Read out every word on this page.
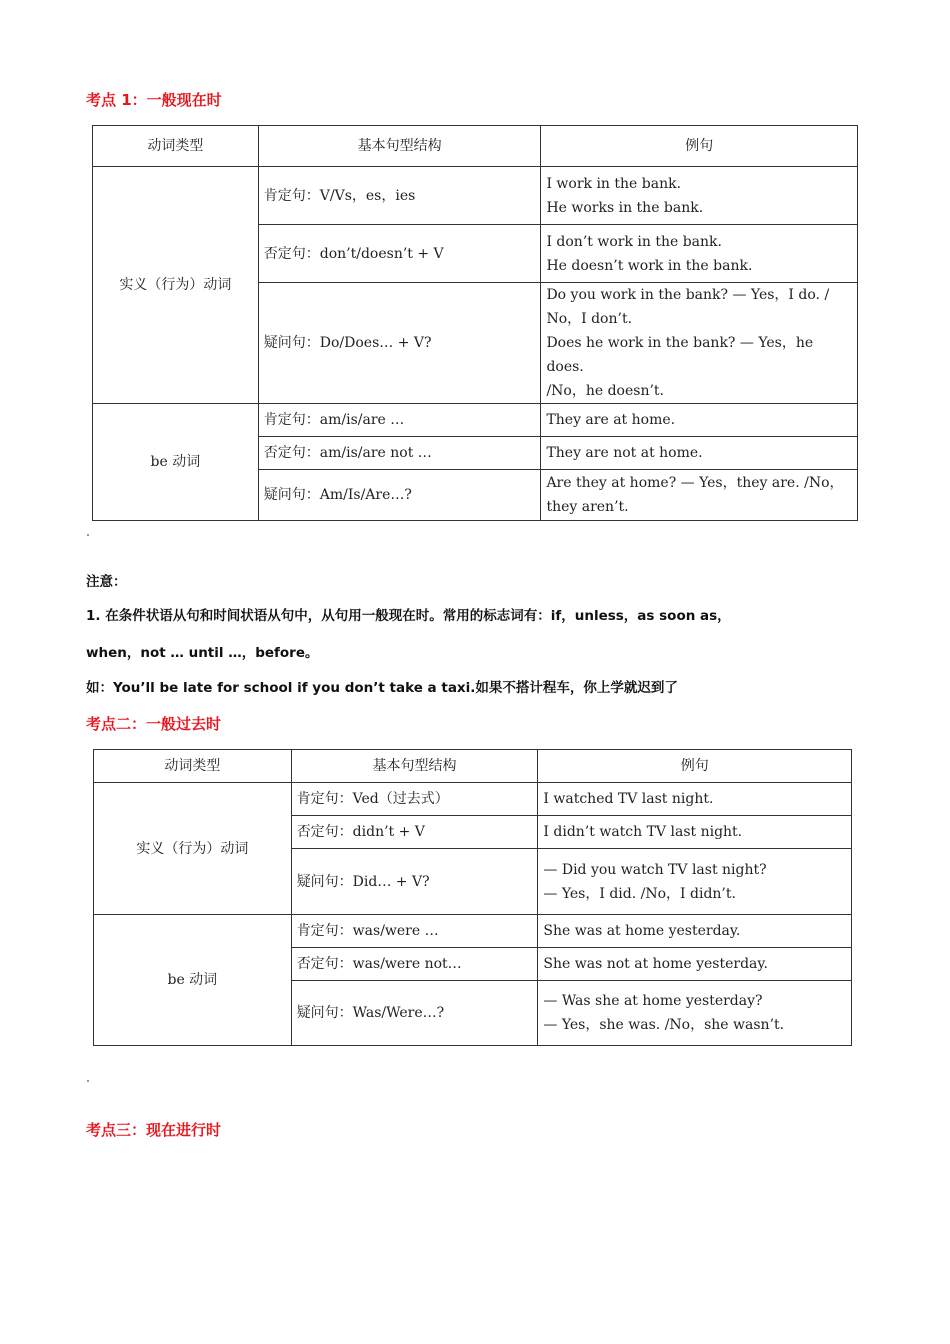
考点 1：一般现在时
动词类型	基本句型结构	例句
实义（行为）动词	肯定句：V/Vs，es，ies	I work in the bank.
He works in the bank.

	否定句：don’t/doesn’t + V	I don’t work in the bank.
He doesn’t work in the bank.

	疑问句：Do/Does… + V?	Do you work in the bank? — Yes，I do. /
No，I don’t.
Does he work in the bank? — Yes，he does.
/No，he doesn’t.

be 动词	肯定句：am/is/are …	They are at home.

	否定句：am/is/are not …	They are not at home.

	疑问句：Am/Is/Are…?	Are they at home? — Yes，they are. /No，
they aren’t.
注意：
1. 在条件状语从句和时间状语从句中，从句用一般现在时。常用的标志词有：if，unless，as soon as，
when，not … until …，before。
如：You’ll be late for school if you don’t take a taxi.如果不搭计程车，你上学就迟到了
考点二：一般过去时
动词类型	基本句型结构	例句
实义（行为）动词	肯定句：Ved（过去式）	I watched TV last night.

	否定句：didn’t + V	I didn’t watch TV last night.

	疑问句：Did… + V?	— Did you watch TV last night?
— Yes，I did. /No，I didn’t.

be 动词	肯定句：was/were …	She was at home yesterday.

	否定句：was/were not…	She was not at home yesterday.

	疑问句：Was/Were…?	— Was she at home yesterday?
— Yes，she was. /No，she wasn’t.
考点三：现在进行时
